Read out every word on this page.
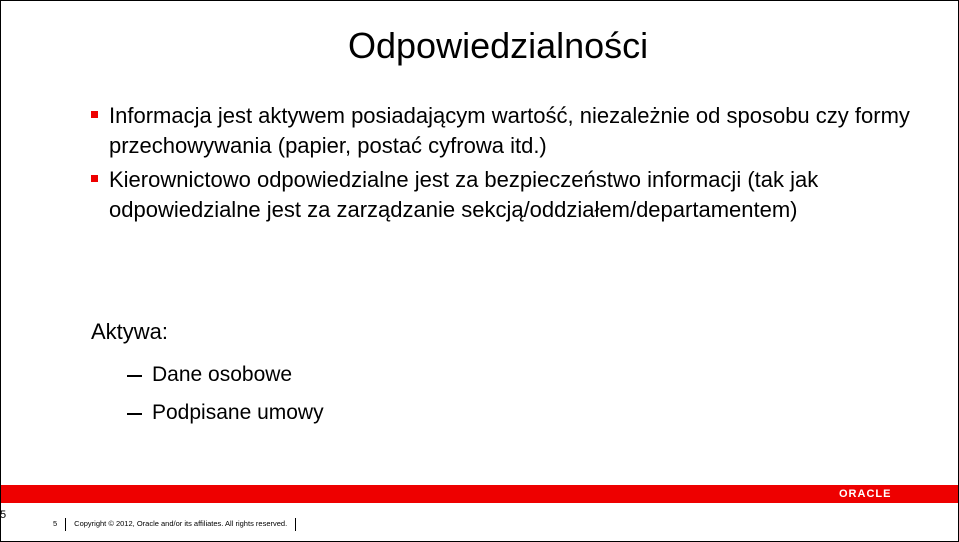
Odpowiedzialności
Informacja jest aktywem posiadającym wartość, niezależnie od sposobu czy formy przechowywania (papier, postać cyfrowa itd.)
Kierownictowo odpowiedzialne jest za bezpieczeństwo informacji (tak jak odpowiedzialne jest za zarządzanie sekcją/oddziałem/departamentem)
Aktywa:
Dane osobowe
Podpisane umowy
ORACLE
5 Copyright © 2012, Oracle and/or its affiliates. All rights reserved.
5
